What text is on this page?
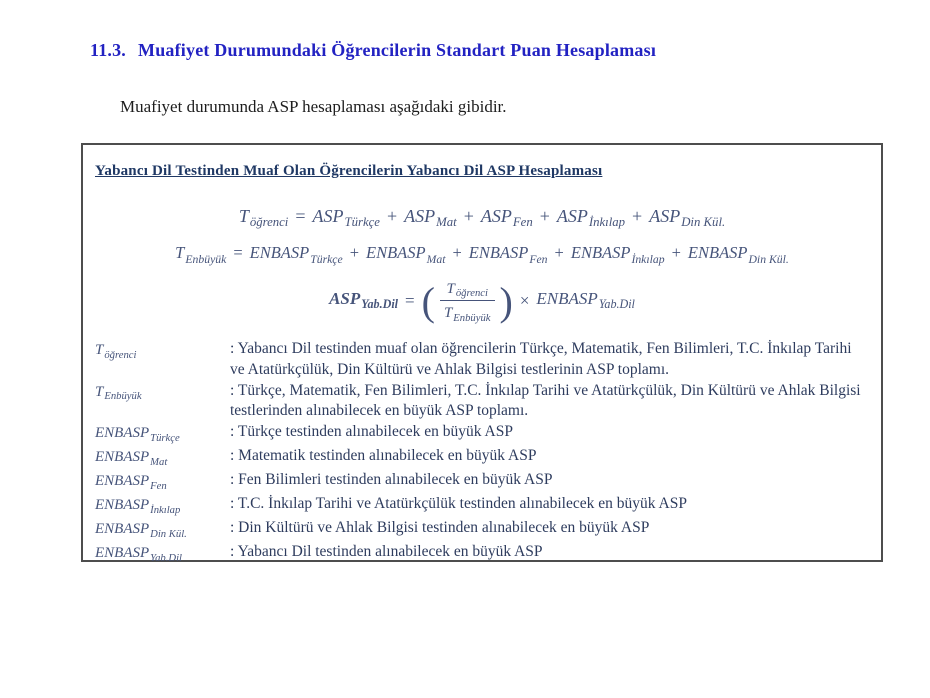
11.3. Muafiyet Durumundaki Öğrencilerin Standart Puan Hesaplaması
Muafiyet durumunda ASP hesaplaması aşağıdaki gibidir.
Yabancı Dil Testinden Muaf Olan Öğrencilerin Yabancı Dil ASP Hesaplaması
$T_{öğrenci} = ASP_{Türkçe} + ASP_{Mat} + ASP_{Fen} + ASP_{İnkılap} + ASP_{Din Kül.}$
$T_{Enbüyük}$ = $ENBASP_{Türkçe}$ + $ENBASP_{Mat}$ + $ENBASP_{Fen}$ + $ENBASP_{İnkılap}$ + $ENBASP_{Din Kül.}$
$ASP_{Yab.Dil}$ = ( $\frac{T_{öğrenci}}{T_{Enbüyük}}$ ) × $ENBASP_{Yab.Dil}$
$T_{öğrenci}$	: Yabancı Dil testinden muaf olan öğrencilerin Türkçe, Matematik, Fen Bilimleri, T.C. İnkılap Tarihi ve Atatürkçülük, Din Kültürü ve Ahlak Bilgisi testlerinin ASP toplamı.
$T_{Enbüyük}$	: Türkçe, Matematik, Fen Bilimleri, T.C. İnkılap Tarihi ve Atatürkçülük, Din Kültürü ve Ahlak Bilgisi testlerinden alınabilecek en büyük ASP toplamı.
$ENBASP_{Türkçe}$	: Türkçe testinden alınabilecek en büyük ASP
$ENBASP_{Mat}$	: Matematik testinden alınabilecek en büyük ASP
$ENBASP_{Fen}$	: Fen Bilimleri testinden alınabilecek en büyük ASP
$ENBASP_{İnkılap}$	: T.C. İnkılap Tarihi ve Atatürkçülük testinden alınabilecek en büyük ASP
$ENBASP_{Din Kül.}$	: Din Kültürü ve Ahlak Bilgisi testinden alınabilecek en büyük ASP
$ENBASP_{Yab.Dil}$	: Yabancı Dil testinden alınabilecek en büyük ASP
